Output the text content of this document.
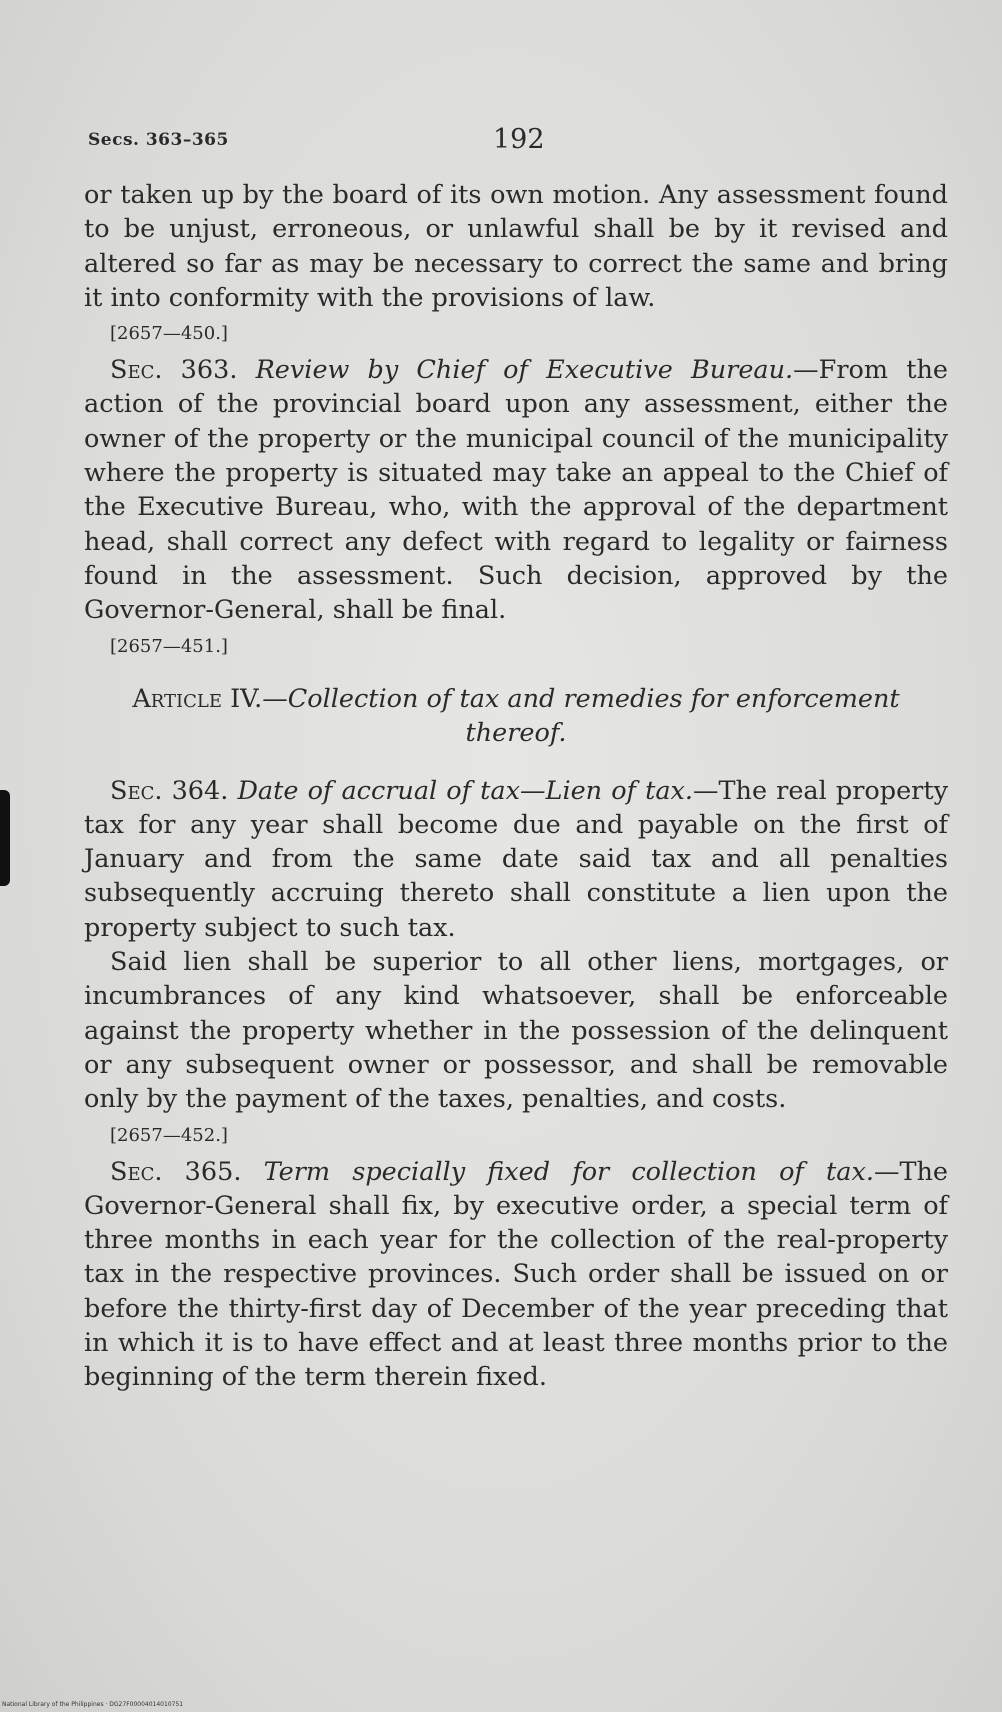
Secs. 363–365	192

or taken up by the board of its own motion. Any assessment found to be unjust, erroneous, or unlawful shall be by it revised and altered so far as may be necessary to correct the same and bring it into conformity with the provisions of law.

[2657—450.]

Sec. 363. Review by Chief of Executive Bureau.—From the action of the provincial board upon any assessment, either the owner of the property or the municipal council of the municipality where the property is situated may take an appeal to the Chief of the Executive Bureau, who, with the approval of the department head, shall correct any defect with regard to legality or fairness found in the assessment. Such decision, approved by the Governor-General, shall be final.

[2657—451.]

Article IV.—Collection of tax and remedies for enforcement thereof.

Sec. 364. Date of accrual of tax—Lien of tax.—The real property tax for any year shall become due and payable on the first of January and from the same date said tax and all penalties subsequently accruing thereto shall constitute a lien upon the property subject to such tax.

Said lien shall be superior to all other liens, mortgages, or incumbrances of any kind whatsoever, shall be enforceable against the property whether in the possession of the delinquent or any subsequent owner or possessor, and shall be removable only by the payment of the taxes, penalties, and costs.

[2657—452.]

Sec. 365. Term specially fixed for collection of tax.—The Governor-General shall fix, by executive order, a special term of three months in each year for the collection of the real-property tax in the respective provinces. Such order shall be issued on or before the thirty-first day of December of the year preceding that in which it is to have effect and at least three months prior to the beginning of the term therein fixed.

National Library of the Philippines · DG27F00004014010751
